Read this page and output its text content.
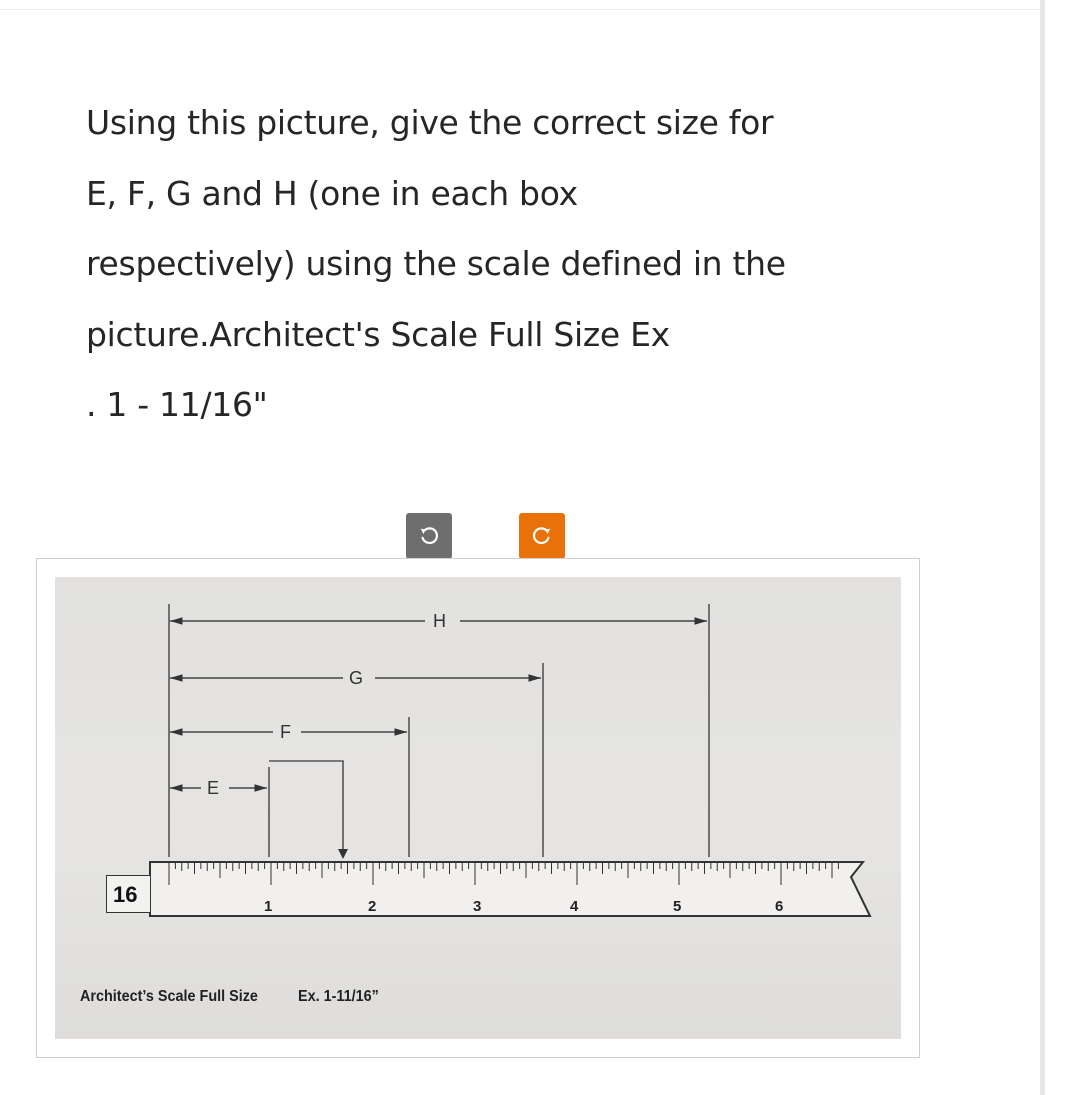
Using this picture, give the correct size for

E, F, G and H (one in each box

respectively) using the scale defined in the

picture.Architect's Scale Full Size Ex

. 1 - 11/16"

H
G
F
E
1	2	3	4	5	6
16
Architect’s Scale Full Size	Ex. 1-11/16”
